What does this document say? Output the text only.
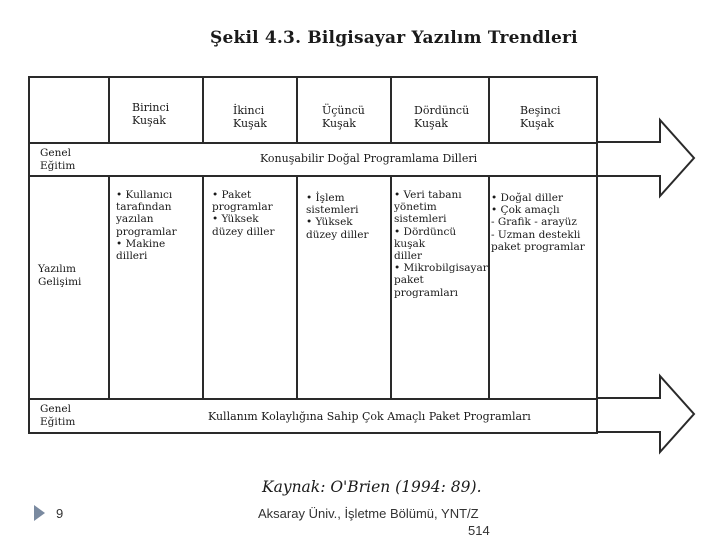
Şekil 4.3. Bilgisayar Yazılım Trendleri
Birinci
Kuşak
İkinci
Kuşak
Üçüncü
Kuşak
Dördüncü
Kuşak
Beşinci
Kuşak
Genel
Eğitim
Yazılım
Gelişimi
Genel
Eğitim
Konuşabilir Doğal Programlama Dilleri
Kullanım Kolaylığına Sahip Çok Amaçlı Paket Programları
• Kullanıcı
tarafından
yazılan
programlar
• Makine
dilleri
• Paket
programlar
• Yüksek
düzey diller
• İşlem
sistemleri
• Yüksek
düzey diller
• Veri tabanı
yönetim
sistemleri
• Dördüncü
kuşak
diller
• Mikrobilgisayar
paket
programları
• Doğal diller
• Çok amaçlı
- Grafik - arayüz
- Uzman destekli
paket programlar
Kaynak: O'Brien (1994: 89).
9	Aksaray Üniv., İşletme Bölümü, YNT/Z
514
